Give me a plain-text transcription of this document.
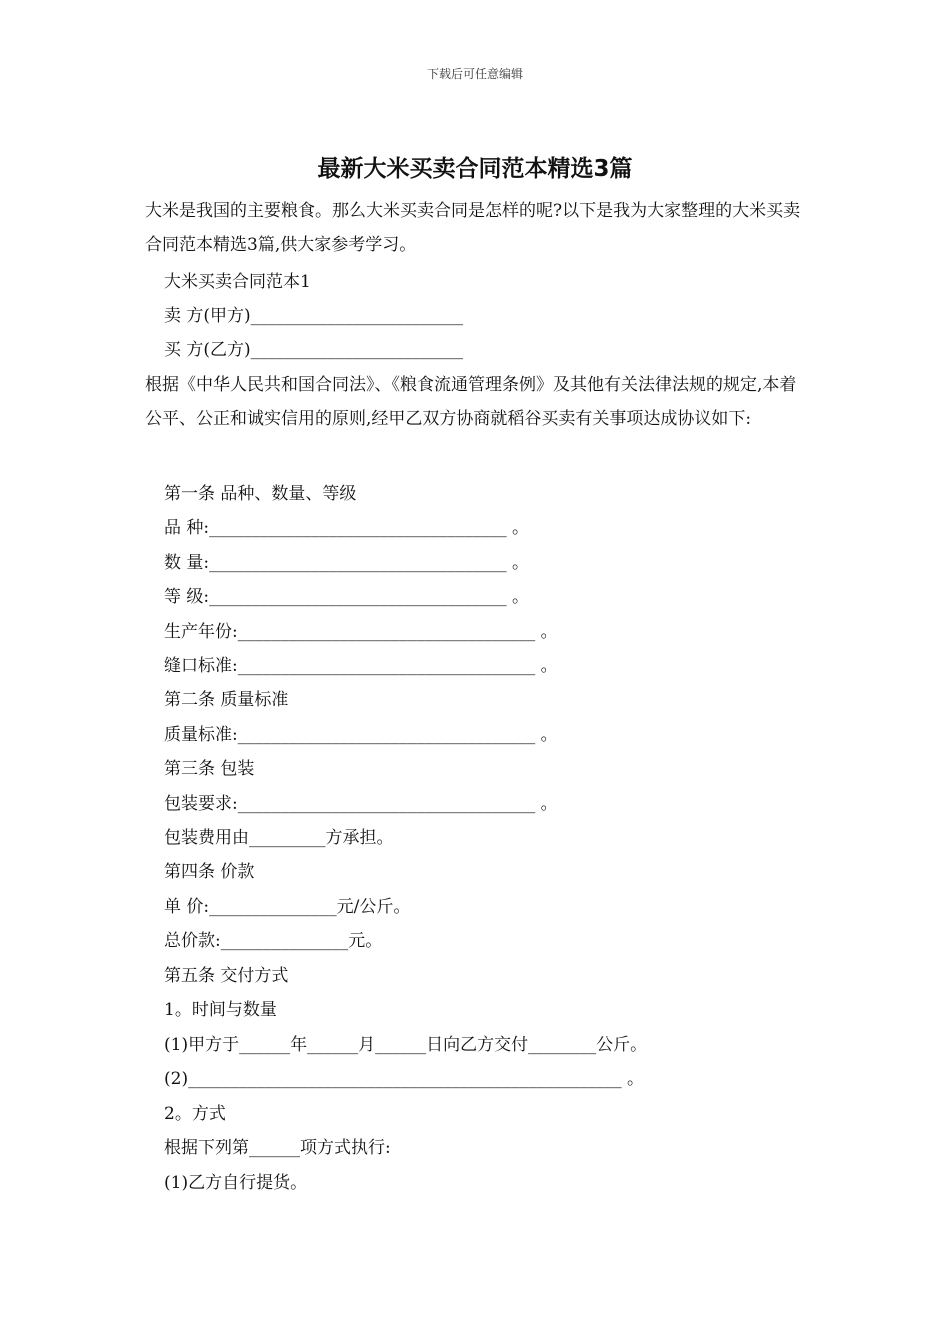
下载后可任意编辑
最新大米买卖合同范本精选3篇
大米是我国的主要粮食。那么大米买卖合同是怎样的呢?以下是我为大家整理的大米买卖合同范本精选3篇,供大家参考学习。
大米买卖合同范本1
卖 方(甲方)_________________________
买 方(乙方)_________________________
根据《中华人民共和国合同法》、《粮食流通管理条例》及其他有关法律法规的规定,本着公平、公正和诚实信用的原则,经甲乙双方协商就稻谷买卖有关事项达成协议如下:
第一条 品种、数量、等级
品 种:___________________________________ 。
数 量:___________________________________ 。
等 级:___________________________________ 。
生产年份:___________________________________ 。
缝口标准:___________________________________ 。
第二条 质量标准
质量标准:___________________________________ 。
第三条 包装
包装要求:___________________________________ 。
包装费用由_________方承担。
第四条 价款
单 价:_______________元/公斤。
总价款:_______________元。
第五条 交付方式
1。时间与数量
(1)甲方于______年______月______日向乙方交付________公斤。
(2)___________________________________________________ 。
2。方式
根据下列第______项方式执行:
(1)乙方自行提货。
